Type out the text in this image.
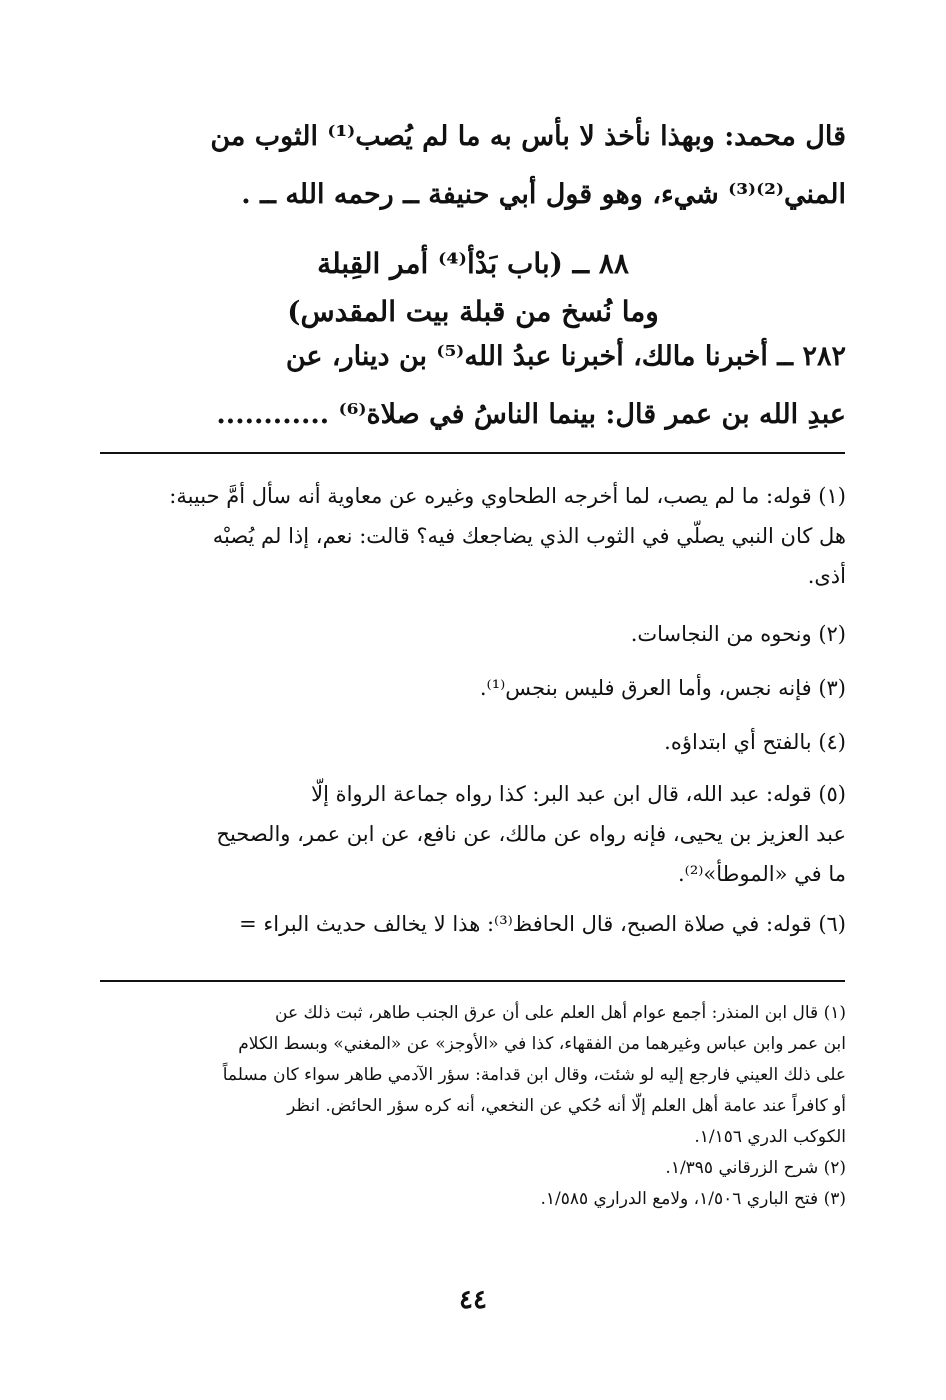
قال محمد: وبهذا نأخذ لا بأس به ما لم يُصب⁽¹⁾ الثوب من
المني⁽²⁾⁽³⁾ شيء، وهو قول أبي حنيفة ــ رحمه الله ــ .
٨٨ ــ (باب بَدْأ⁽⁴⁾ أمر القِبلة
وما نُسخ من قبلة بيت المقدس)
٢٨٢ ــ أخبرنا مالك، أخبرنا عبدُ الله⁽⁵⁾ بن دينار، عن
عبدِ الله بن عمر قال: بينما الناسُ في صلاة⁽⁶⁾ ............
(١) قوله: ما لم يصب، لما أخرجه الطحاوي وغيره عن معاوية أنه سأل أمَّ حبيبة:
هل كان النبي يصلّي في الثوب الذي يضاجعك فيه؟ قالت: نعم، إذا لم يُصبْه
أذى.
(٢) ونحوه من النجاسات.
(٣) فإنه نجس، وأما العرق فليس بنجس⁽¹⁾.
(٤) بالفتح أي ابتداؤه.
(٥) قوله: عبد الله، قال ابن عبد البر: كذا رواه جماعة الرواة إلّا
عبد العزيز بن يحيى، فإنه رواه عن مالك، عن نافع، عن ابن عمر، والصحيح
ما في «الموطأ»⁽²⁾.
(٦) قوله: في صلاة الصبح، قال الحافظ⁽³⁾: هذا لا يخالف حديث البراء =
(١) قال ابن المنذر: أجمع عوام أهل العلم على أن عرق الجنب طاهر، ثبت ذلك عن
ابن عمر وابن عباس وغيرهما من الفقهاء، كذا في «الأوجز» عن «المغني» وبسط الكلام
على ذلك العيني فارجع إليه لو شئت، وقال ابن قدامة: سؤر الآدمي طاهر سواء كان مسلماً
أو كافراً عند عامة أهل العلم إلّا أنه حُكي عن النخعي، أنه كره سؤر الحائض. انظر
الكوكب الدري ١/١٥٦.
(٢) شرح الزرقاني ١/٣٩٥.
(٣) فتح الباري ١/٥٠٦، ولامع الدراري ١/٥٨٥.
٤٤
